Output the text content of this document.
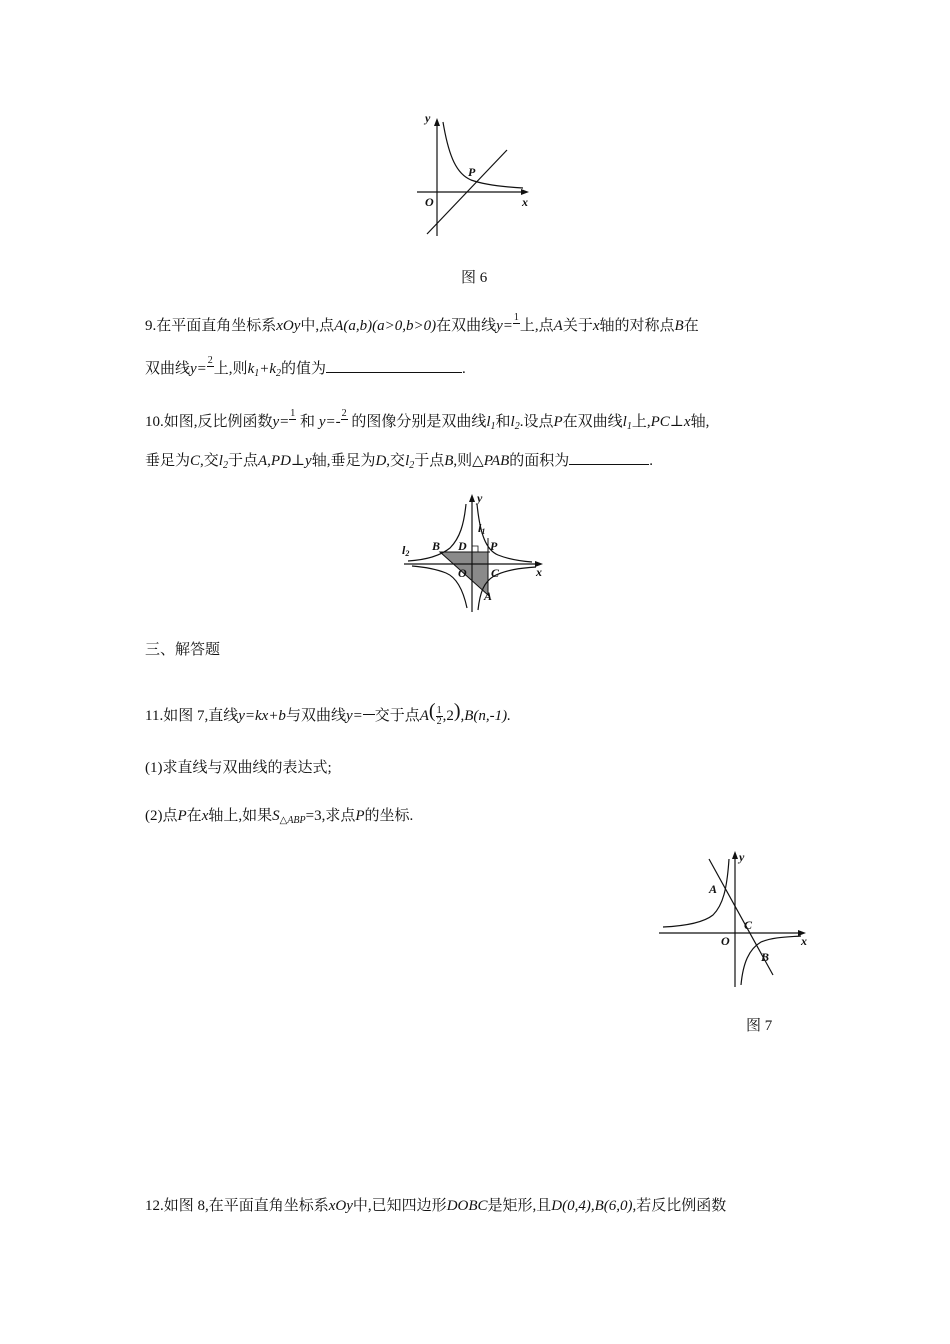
y
x
O
P
图 6
9.在平面直角坐标系xOy中,点A(a,b)(a>0,b>0)在双曲线y=
1
上,点A关于x轴的对称点B在
双曲线y=
2
上,则$k_1+k_2$的值为	.
10.如图,反比例函数y=
1
和 y=-
2
的图像分别是双曲线$l_1$和$l_2$.设点P在双曲线$l_1$上,PC⊥x轴,
垂足为C,交$l_2$于点A,PD⊥y轴,垂足为D,交$l_2$于点B,则△PAB的面积为	.
y
x
l1
l2
B D P
O C
A
三、解答题
11.如图 7,直线y=kx+b与双曲线y= 交于点$A( \frac{1}{2} ,2),B(n,-1)$.
(1)求直线与双曲线的表达式;
(2)点P在x轴上,如果$S_{\triangle ABP}=3$,求点P的坐标.
y
x
A
C
O
B
图 7
12.如图 8,在平面直角坐标系xOy中,已知四边形DOBC是矩形,且D(0,4),B(6,0),若反比例函数
